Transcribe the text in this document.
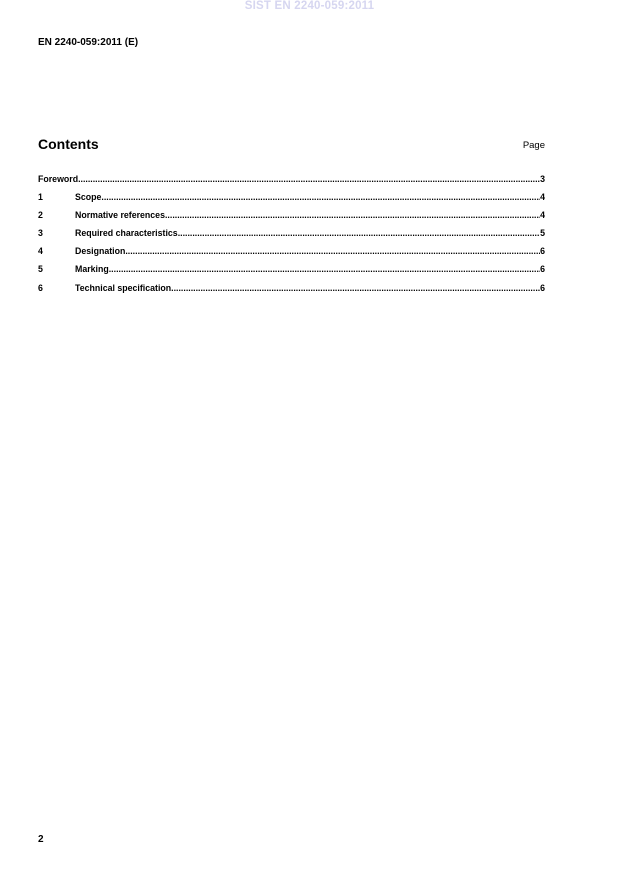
SIST EN 2240-059:2011
EN 2240-059:2011 (E)
Contents	Page
Foreword .....	3
1	Scope .....	4
2	Normative references .....	4
3	Required characteristics .....	5
4	Designation .....	6
5	Marking .....	6
6	Technical specification .....	6
2
